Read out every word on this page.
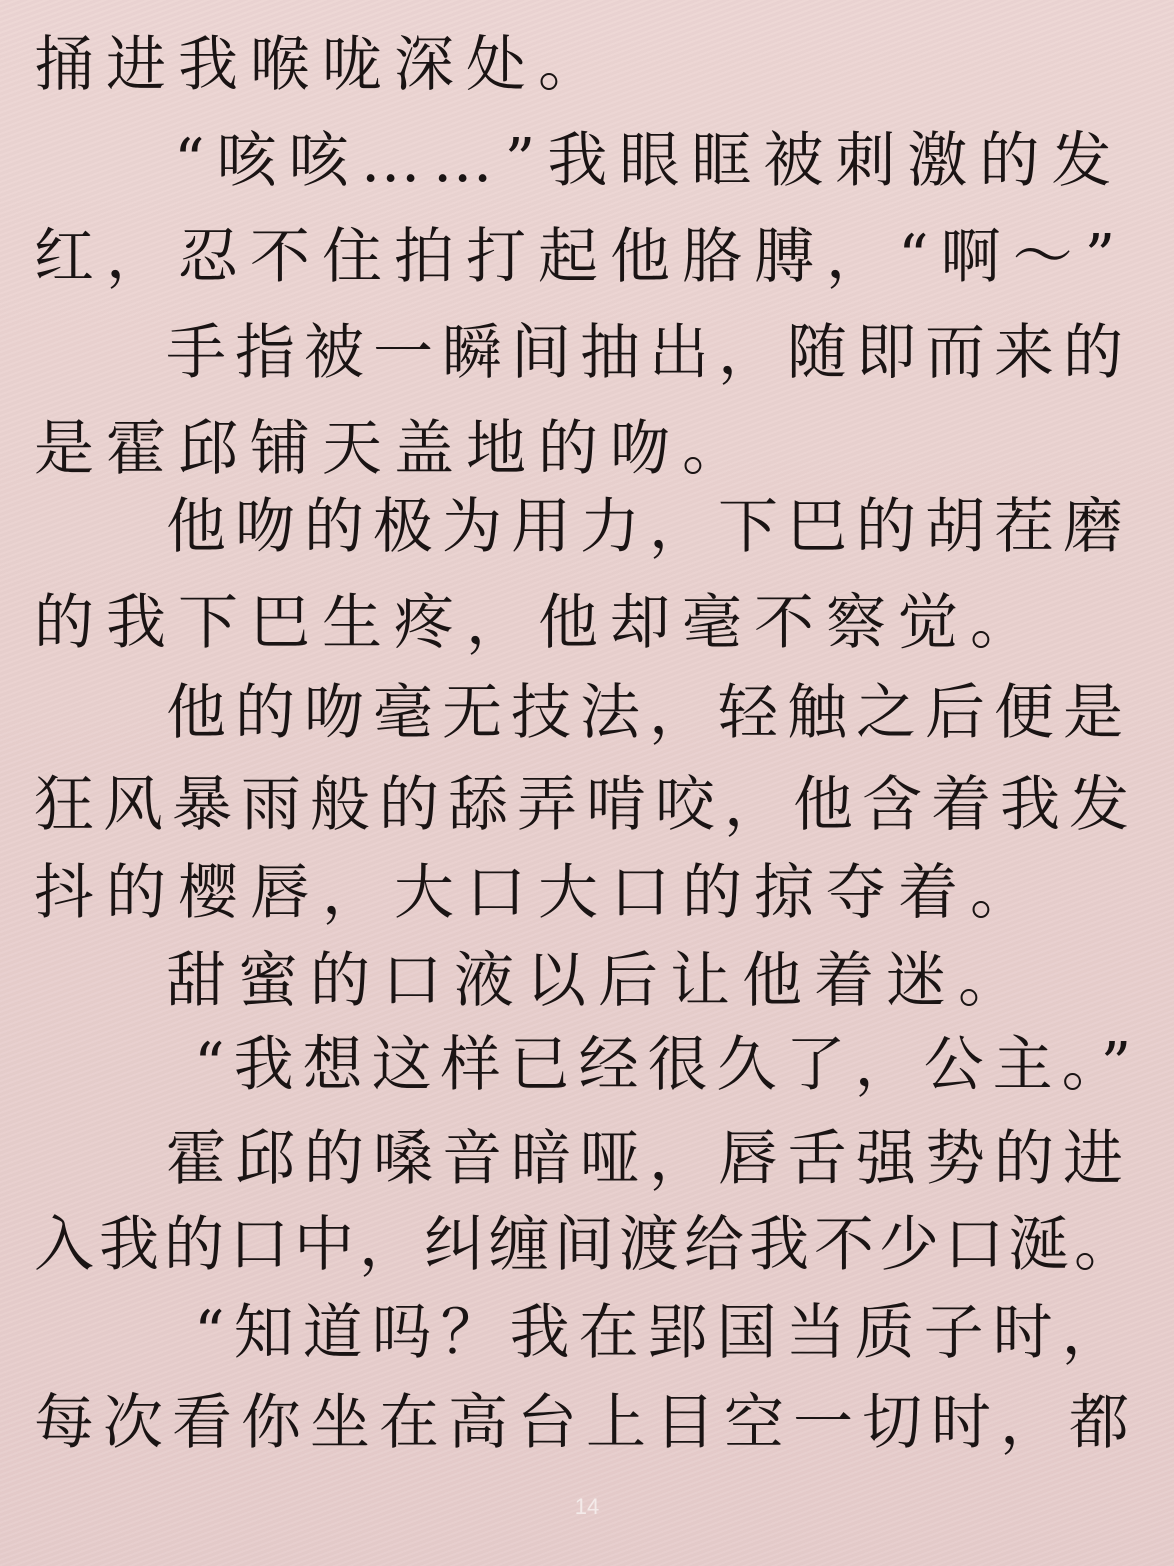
捅进我喉咙深处。
“咳咳……”我眼眶被刺激的发
红，忍不住拍打起他胳膊，“啊～”
手指被一瞬间抽出，随即而来的
是霍邱铺天盖地的吻。
他吻的极为用力，下巴的胡茬磨
的我下巴生疼，他却毫不察觉。
他的吻毫无技法，轻触之后便是
狂风暴雨般的舔弄啃咬，他含着我发
抖的樱唇，大口大口的掠夺着。
甜蜜的口液以后让他着迷。
“我想这样已经很久了，公主。”
霍邱的嗓音暗哑，唇舌强势的进
入我的口中，纠缠间渡给我不少口涎。
“知道吗？我在郢国当质子时，
每次看你坐在高台上目空一切时，都
14
